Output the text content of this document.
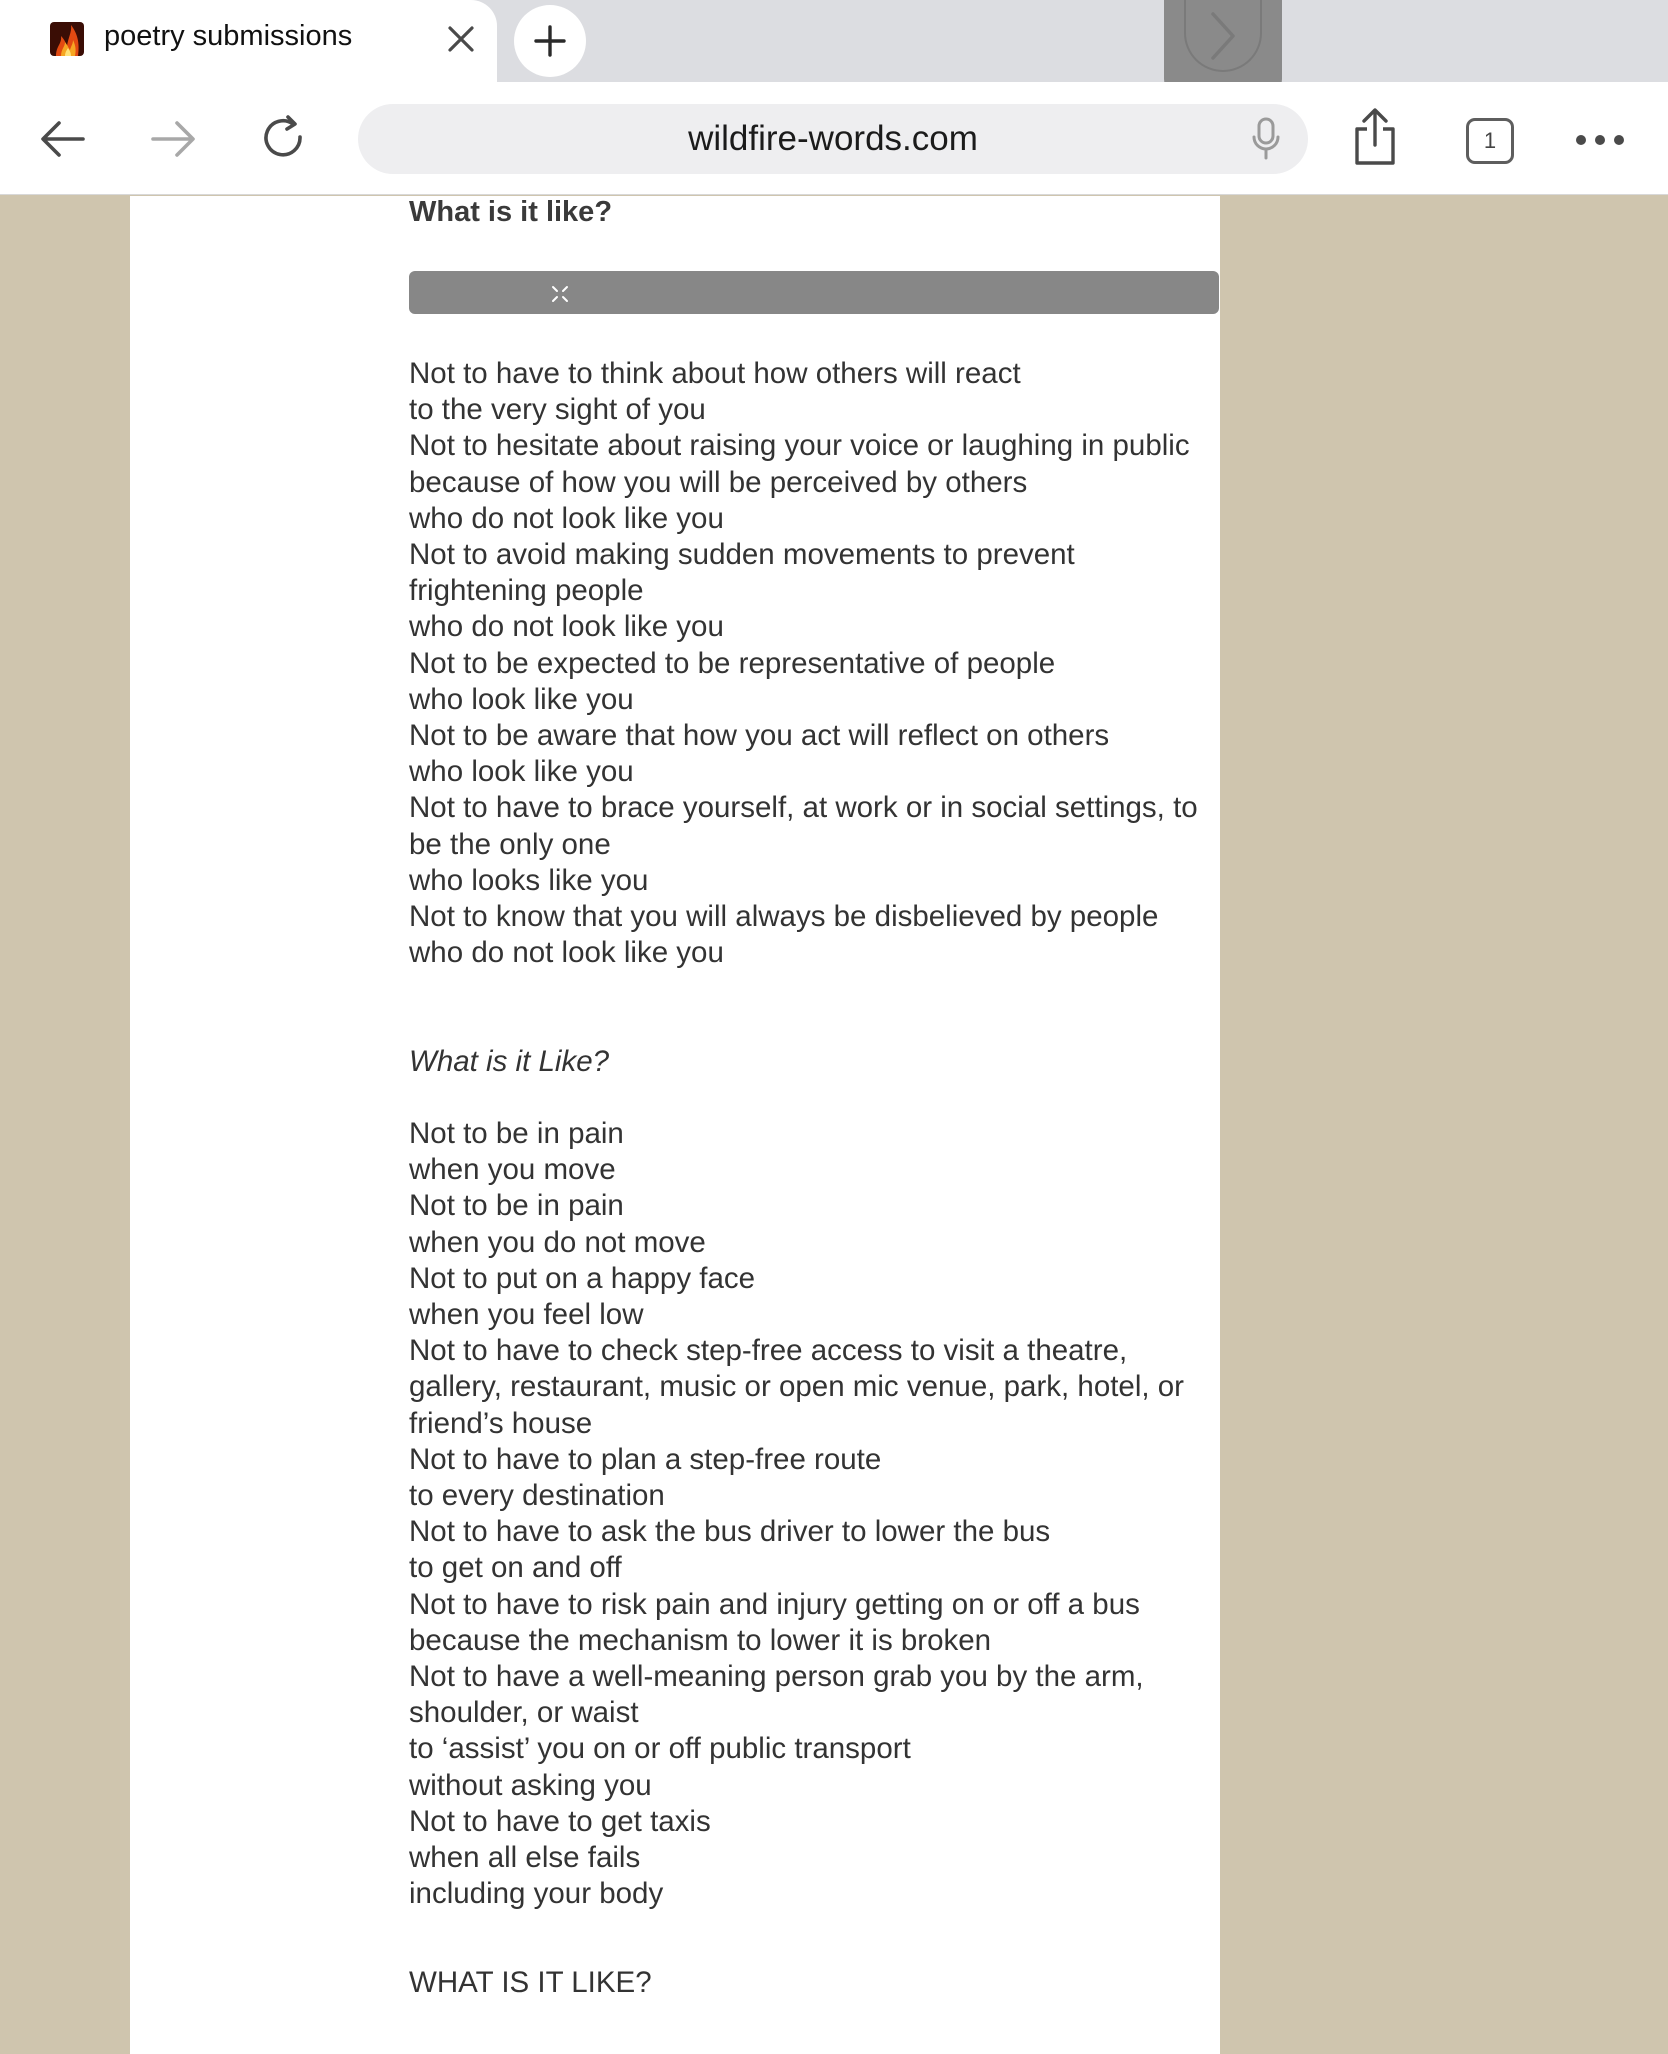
poetry submissions
wildfire-words.com	1
What is it like?
Not to have to think about how others will react
to the very sight of you
Not to hesitate about raising your voice or laughing in public
because of how you will be perceived by others
who do not look like you
Not to avoid making sudden movements to prevent
frightening people
who do not look like you
Not to be expected to be representative of people
who look like you
Not to be aware that how you act will reflect on others
who look like you
Not to have to brace yourself, at work or in social settings, to
be the only one
who looks like you
Not to know that you will always be disbelieved by people
who do not look like you
What is it Like?
Not to be in pain
when you move
Not to be in pain
when you do not move
Not to put on a happy face
when you feel low
Not to have to check step-free access to visit a theatre,
gallery, restaurant, music or open mic venue, park, hotel, or
friend’s house
Not to have to plan a step-free route
to every destination
Not to have to ask the bus driver to lower the bus
to get on and off
Not to have to risk pain and injury getting on or off a bus
because the mechanism to lower it is broken
Not to have a well-meaning person grab you by the arm,
shoulder, or waist
to ‘assist’ you on or off public transport
without asking you
Not to have to get taxis
when all else fails
including your body
WHAT IS IT LIKE?
